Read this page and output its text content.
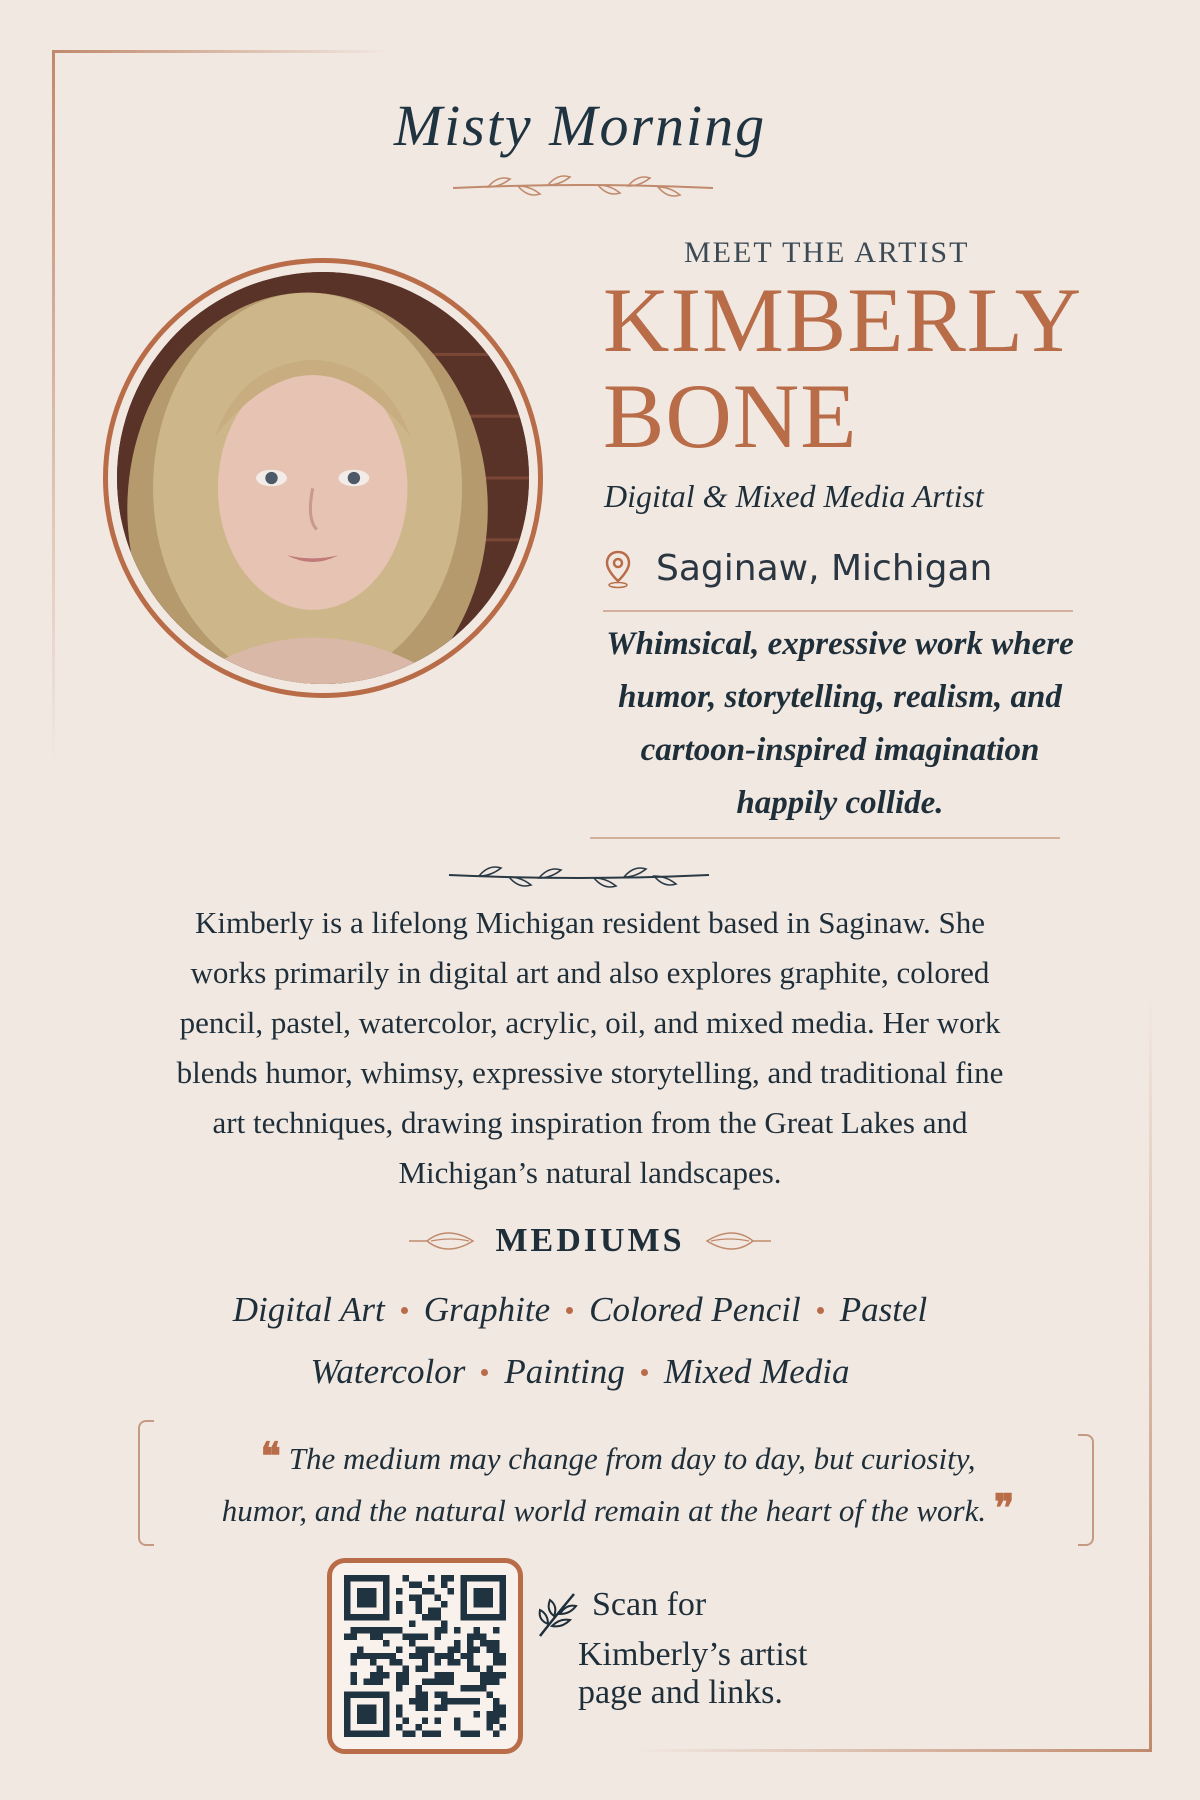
Misty Morning
MEET THE ARTIST
KIMBERLY
BONE
Digital & Mixed Media Artist
Saginaw, Michigan
Whimsical, expressive work where
humor, storytelling, realism, and
cartoon-inspired imagination
happily collide.
Kimberly is a lifelong Michigan resident based in Saginaw. She
works primarily in digital art and also explores graphite, colored
pencil, pastel, watercolor, acrylic, oil, and mixed media. Her work
blends humor, whimsy, expressive storytelling, and traditional fine
art techniques, drawing inspiration from the Great Lakes and
Michigan’s natural landscapes.
MEDIUMS
Digital Art Graphite Colored Pencil Pastel
Watercolor Painting Mixed Media
❝ The medium may change from day to day, but curiosity,
humor, and the natural world remain at the heart of the work. ❞
Scan for
Kimberly’s artist
page and links.
